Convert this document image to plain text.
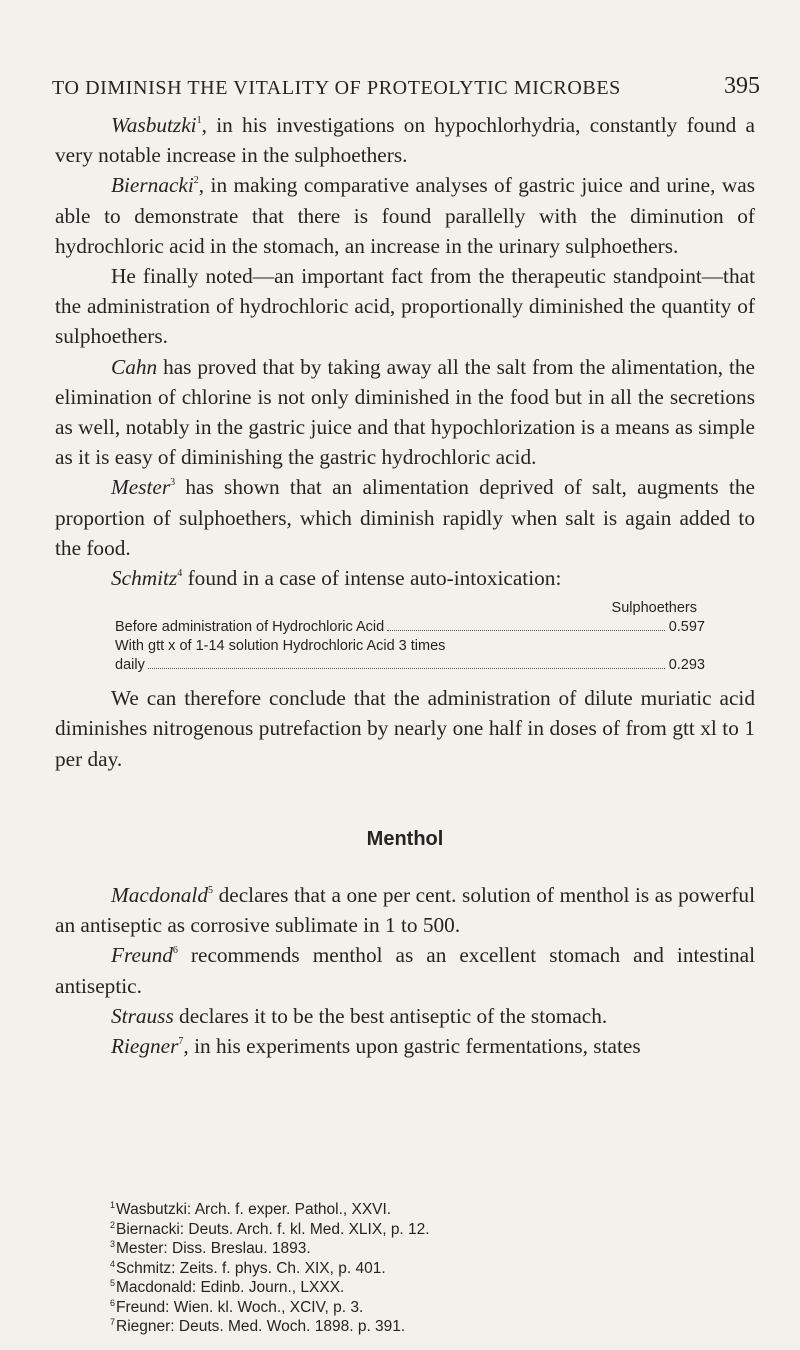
TO DIMINISH THE VITALITY OF PROTEOLYTIC MICROBES	395

Wasbutzki$^1$, in his investigations on hypochlorhydria, constantly found a very notable increase in the sulphoethers.

Biernacki$^2$, in making comparative analyses of gastric juice and urine, was able to demonstrate that there is found parallelly with the diminution of hydrochloric acid in the stomach, an increase in the urinary sulphoethers.

He finally noted—an important fact from the therapeutic standpoint—that the administration of hydrochloric acid, proportionally diminished the quantity of sulphoethers.

Cahn has proved that by taking away all the salt from the alimentation, the elimination of chlorine is not only diminished in the food but in all the secretions as well, notably in the gastric juice and that hypochlorization is a means as simple as it is easy of diminishing the gastric hydrochloric acid.

Mester$^3$ has shown that an alimentation deprived of salt, augments the proportion of sulphoethers, which diminish rapidly when salt is again added to the food.

Schmitz$^4$ found in a case of intense auto-intoxication:

Sulphoethers
Before administration of Hydrochloric Acid	0.597
With gtt x of 1-14 solution Hydrochloric Acid 3 times
daily	0.293

We can therefore conclude that the administration of dilute muriatic acid diminishes nitrogenous putrefaction by nearly one half in doses of from gtt xl to 1 per day.

Menthol

Macdonald$^5$ declares that a one per cent. solution of menthol is as powerful an antiseptic as corrosive sublimate in 1 to 500.

Freund$^6$ recommends menthol as an excellent stomach and intestinal antiseptic.

Strauss declares it to be the best antiseptic of the stomach.

Riegner$^7$, in his experiments upon gastric fermentations, states

$^1$Wasbutzki: Arch. f. exper. Pathol., XXVI.
$^2$Biernacki: Deuts. Arch. f. kl. Med. XLIX, p. 12.
$^3$Mester: Diss. Breslau. 1893.
$^4$Schmitz: Zeits. f. phys. Ch. XIX, p. 401.
$^5$Macdonald: Edinb. Journ., LXXX.
$^6$Freund: Wien. kl. Woch., XCIV, p. 3.
$^7$Riegner: Deuts. Med. Woch. 1898. p. 391.
